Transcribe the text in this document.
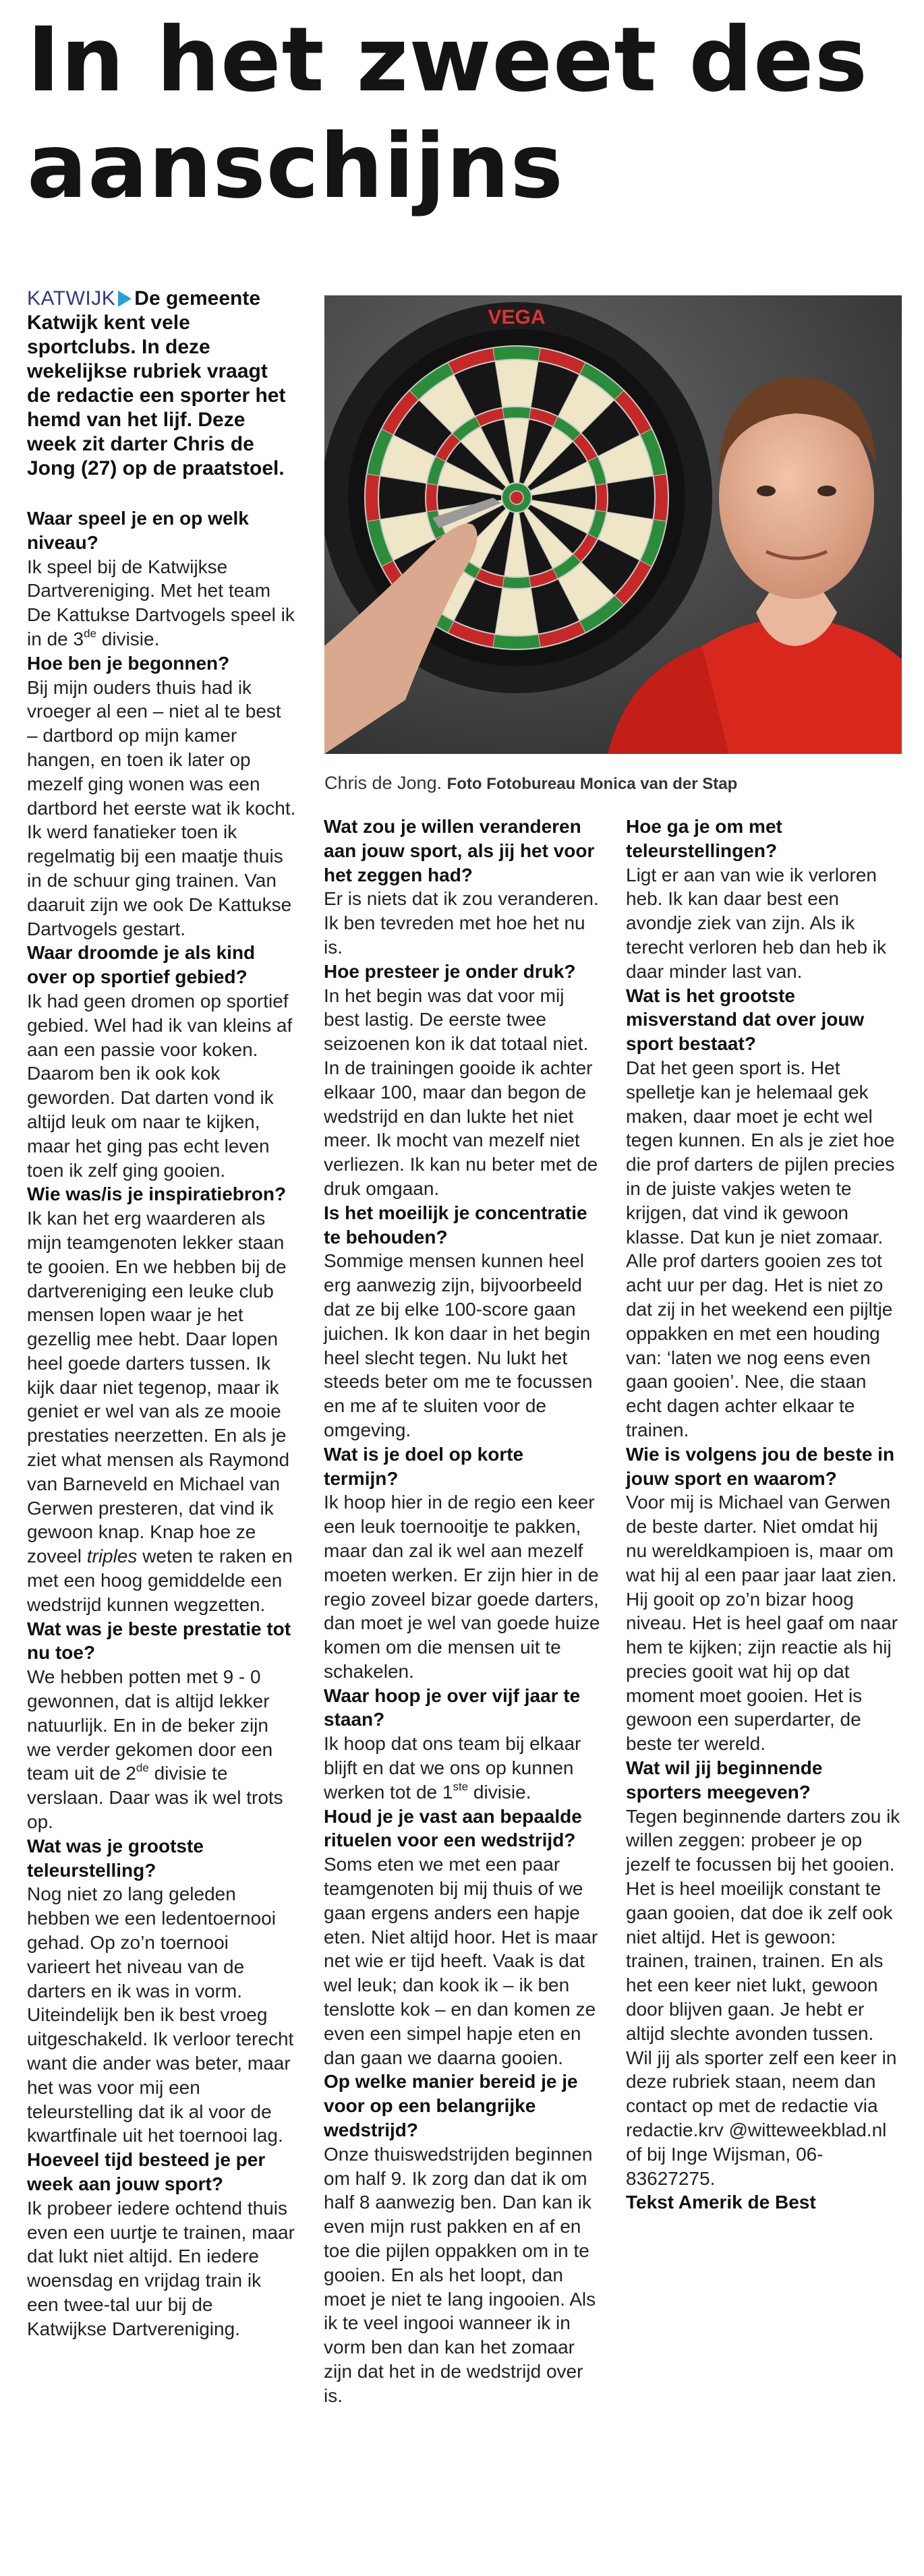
In het zweet des
aanschijns
VEGA
Chris de Jong. Foto Fotobureau Monica van der Stap

KATWIJK De gemeente Katwijk kent vele sportclubs. In deze wekelijkse rubriek vraagt de redactie een sporter het hemd van het lijf. Deze week zit darter Chris de Jong (27) op de praatstoel.

Waar speel je en op welk niveau?

Ik speel bij de Katwijkse Dartvereniging. Met het team De Kattukse Dartvogels speel ik in de 3de divisie.

Hoe ben je begonnen?

Bij mijn ouders thuis had ik vroeger al een – niet al te best – dartbord op mijn kamer hangen, en toen ik later op mezelf ging wonen was een dartbord het eerste wat ik kocht. Ik werd fanatieker toen ik regelmatig bij een maatje thuis in de schuur ging trainen. Van daaruit zijn we ook De Kattukse Dartvogels gestart.

Waar droomde je als kind over op sportief gebied?

Ik had geen dromen op sportief gebied. Wel had ik van kleins af aan een passie voor koken. Daarom ben ik ook kok geworden. Dat darten vond ik altijd leuk om naar te kijken, maar het ging pas echt leven toen ik zelf ging gooien.

Wie was/is je inspiratiebron?

Ik kan het erg waarderen als mijn teamgenoten lekker staan te gooien. En we hebben bij de dartvereniging een leuke club mensen lopen waar je het gezellig mee hebt. Daar lopen heel goede darters tussen. Ik kijk daar niet tegenop, maar ik geniet er wel van als ze mooie prestaties neerzetten. En als je ziet what mensen als Raymond van Barneveld en Michael van Gerwen presteren, dat vind ik gewoon knap. Knap hoe ze zoveel triples weten te raken en met een hoog gemiddelde een wedstrijd kunnen wegzetten.

Wat was je beste prestatie tot nu toe?

We hebben potten met 9 - 0 gewonnen, dat is altijd lekker natuurlijk. En in de beker zijn we verder gekomen door een team uit de 2de divisie te verslaan. Daar was ik wel trots op.

Wat was je grootste teleurstelling?

Nog niet zo lang geleden hebben we een ledentoernooi gehad. Op zo’n toernooi varieert het niveau van de darters en ik was in vorm. Uiteindelijk ben ik best vroeg uitgeschakeld. Ik verloor terecht want die ander was beter, maar het was voor mij een teleurstelling dat ik al voor de kwartfinale uit het toernooi lag.

Hoeveel tijd besteed je per week aan jouw sport?

Ik probeer iedere ochtend thuis even een uurtje te trainen, maar dat lukt niet altijd. En iedere woensdag en vrijdag train ik een twee-tal uur bij de Katwijkse Dartvereniging.

Wat zou je willen veranderen aan jouw sport, als jij het voor het zeggen had?

Er is niets dat ik zou veranderen. Ik ben tevreden met hoe het nu is.

Hoe presteer je onder druk?

In het begin was dat voor mij best lastig. De eerste twee seizoenen kon ik dat totaal niet. In de trainingen gooide ik achter elkaar 100, maar dan begon de wedstrijd en dan lukte het niet meer. Ik mocht van mezelf niet verliezen. Ik kan nu beter met de druk omgaan.

Is het moeilijk je concentratie te behouden?

Sommige mensen kunnen heel erg aanwezig zijn, bijvoorbeeld dat ze bij elke 100-score gaan juichen. Ik kon daar in het begin heel slecht tegen. Nu lukt het steeds beter om me te focussen en me af te sluiten voor de omgeving.

Wat is je doel op korte termijn?

Ik hoop hier in de regio een keer een leuk toernooitje te pakken, maar dan zal ik wel aan mezelf moeten werken. Er zijn hier in de regio zoveel bizar goede darters, dan moet je wel van goede huize komen om die mensen uit te schakelen.

Waar hoop je over vijf jaar te staan?

Ik hoop dat ons team bij elkaar blijft en dat we ons op kunnen werken tot de 1ste divisie.

Houd je je vast aan bepaalde rituelen voor een wedstrijd?

Soms eten we met een paar teamgenoten bij mij thuis of we gaan ergens anders een hapje eten. Niet altijd hoor. Het is maar net wie er tijd heeft. Vaak is dat wel leuk; dan kook ik – ik ben tenslotte kok – en dan komen ze even een simpel hapje eten en dan gaan we daarna gooien.

Op welke manier bereid je je voor op een belangrijke wedstrijd?

Onze thuiswedstrijden beginnen om half 9. Ik zorg dan dat ik om half 8 aanwezig ben. Dan kan ik even mijn rust pakken en af en toe die pijlen oppakken om in te gooien. En als het loopt, dan moet je niet te lang ingooien. Als ik te veel ingooi wanneer ik in vorm ben dan kan het zomaar zijn dat het in de wedstrijd over is.

Hoe ga je om met teleurstellingen?

Ligt er aan van wie ik verloren heb. Ik kan daar best een avondje ziek van zijn. Als ik terecht verloren heb dan heb ik daar minder last van.

Wat is het grootste misverstand dat over jouw sport bestaat?

Dat het geen sport is. Het spelletje kan je helemaal gek maken, daar moet je echt wel tegen kunnen. En als je ziet hoe die prof darters de pijlen precies in de juiste vakjes weten te krijgen, dat vind ik gewoon klasse. Dat kun je niet zomaar. Alle prof darters gooien zes tot acht uur per dag. Het is niet zo dat zij in het weekend een pijltje oppakken en met een houding van: ‘laten we nog eens even gaan gooien’. Nee, die staan echt dagen achter elkaar te trainen.

Wie is volgens jou de beste in jouw sport en waarom?

Voor mij is Michael van Gerwen de beste darter. Niet omdat hij nu wereldkampioen is, maar om wat hij al een paar jaar laat zien. Hij gooit op zo’n bizar hoog niveau. Het is heel gaaf om naar hem te kijken; zijn reactie als hij precies gooit wat hij op dat moment moet gooien. Het is gewoon een superdarter, de beste ter wereld.

Wat wil jij beginnende sporters meegeven?

Tegen beginnende darters zou ik willen zeggen: probeer je op jezelf te focussen bij het gooien. Het is heel moeilijk constant te gaan gooien, dat doe ik zelf ook niet altijd. Het is gewoon: trainen, trainen, trainen. En als het een keer niet lukt, gewoon door blijven gaan. Je hebt er altijd slechte avonden tussen.

Wil jij als sporter zelf een keer in deze rubriek staan, neem dan contact op met de redactie via redactie.krv @witteweekblad.nl of bij Inge Wijsman, 06-83627275.

Tekst Amerik de Best
